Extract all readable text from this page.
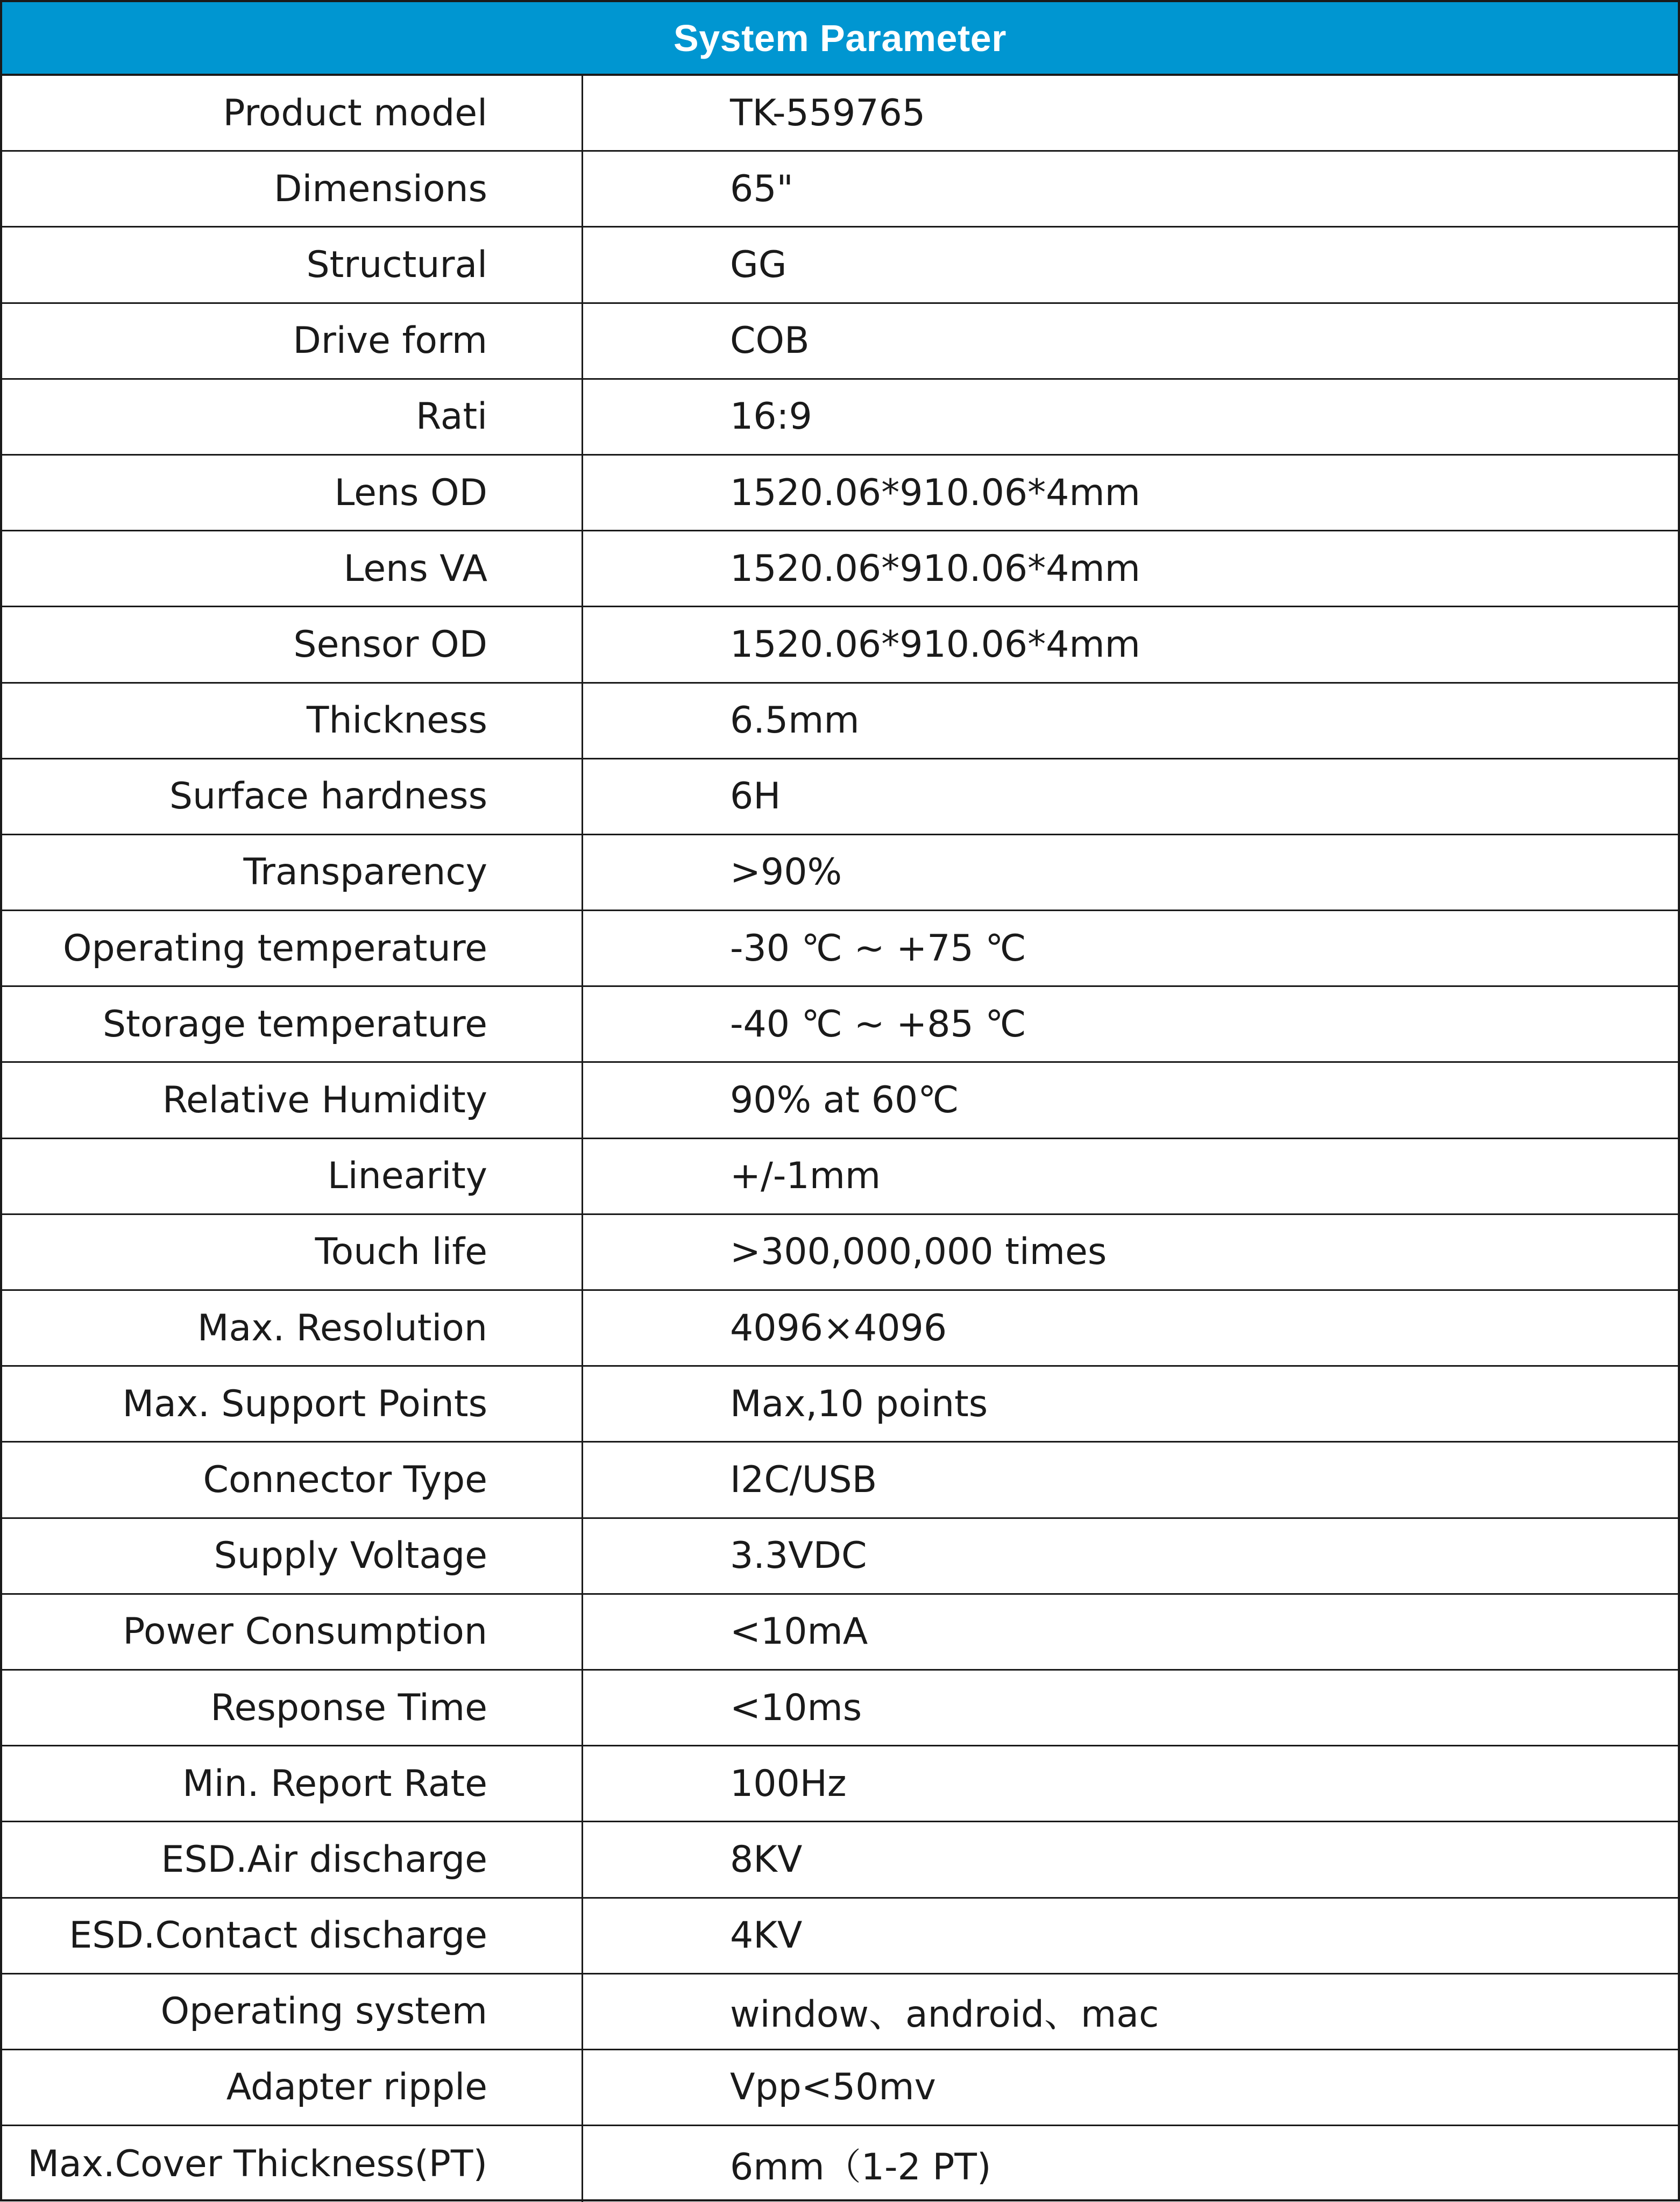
System Parameter
Product model	TK-559765
Dimensions	65"
Structural	GG
Drive form	COB
Rati	16:9
Lens OD	1520.06*910.06*4mm
Lens VA	1520.06*910.06*4mm
Sensor OD	1520.06*910.06*4mm
Thickness	6.5mm
Surface hardness	6H
Transparency	>90%
Operating temperature	-30 ℃ ~ +75 ℃
Storage temperature	-40 ℃ ~ +85 ℃
Relative Humidity	90% at 60℃
Linearity	+/-1mm
Touch life	>300,000,000 times
Max. Resolution	4096×4096
Max. Support Points	Max,10 points
Connector Type	I2C/USB
Supply Voltage	3.3VDC
Power Consumption	<10mA
Response Time	<10ms
Min. Report Rate	100Hz
ESD.Air discharge	8KV
ESD.Contact discharge	4KV
Operating system	window、android、mac
Adapter ripple	Vpp<50mv
Max.Cover Thickness(PT)	6mm（1-2 PT)
